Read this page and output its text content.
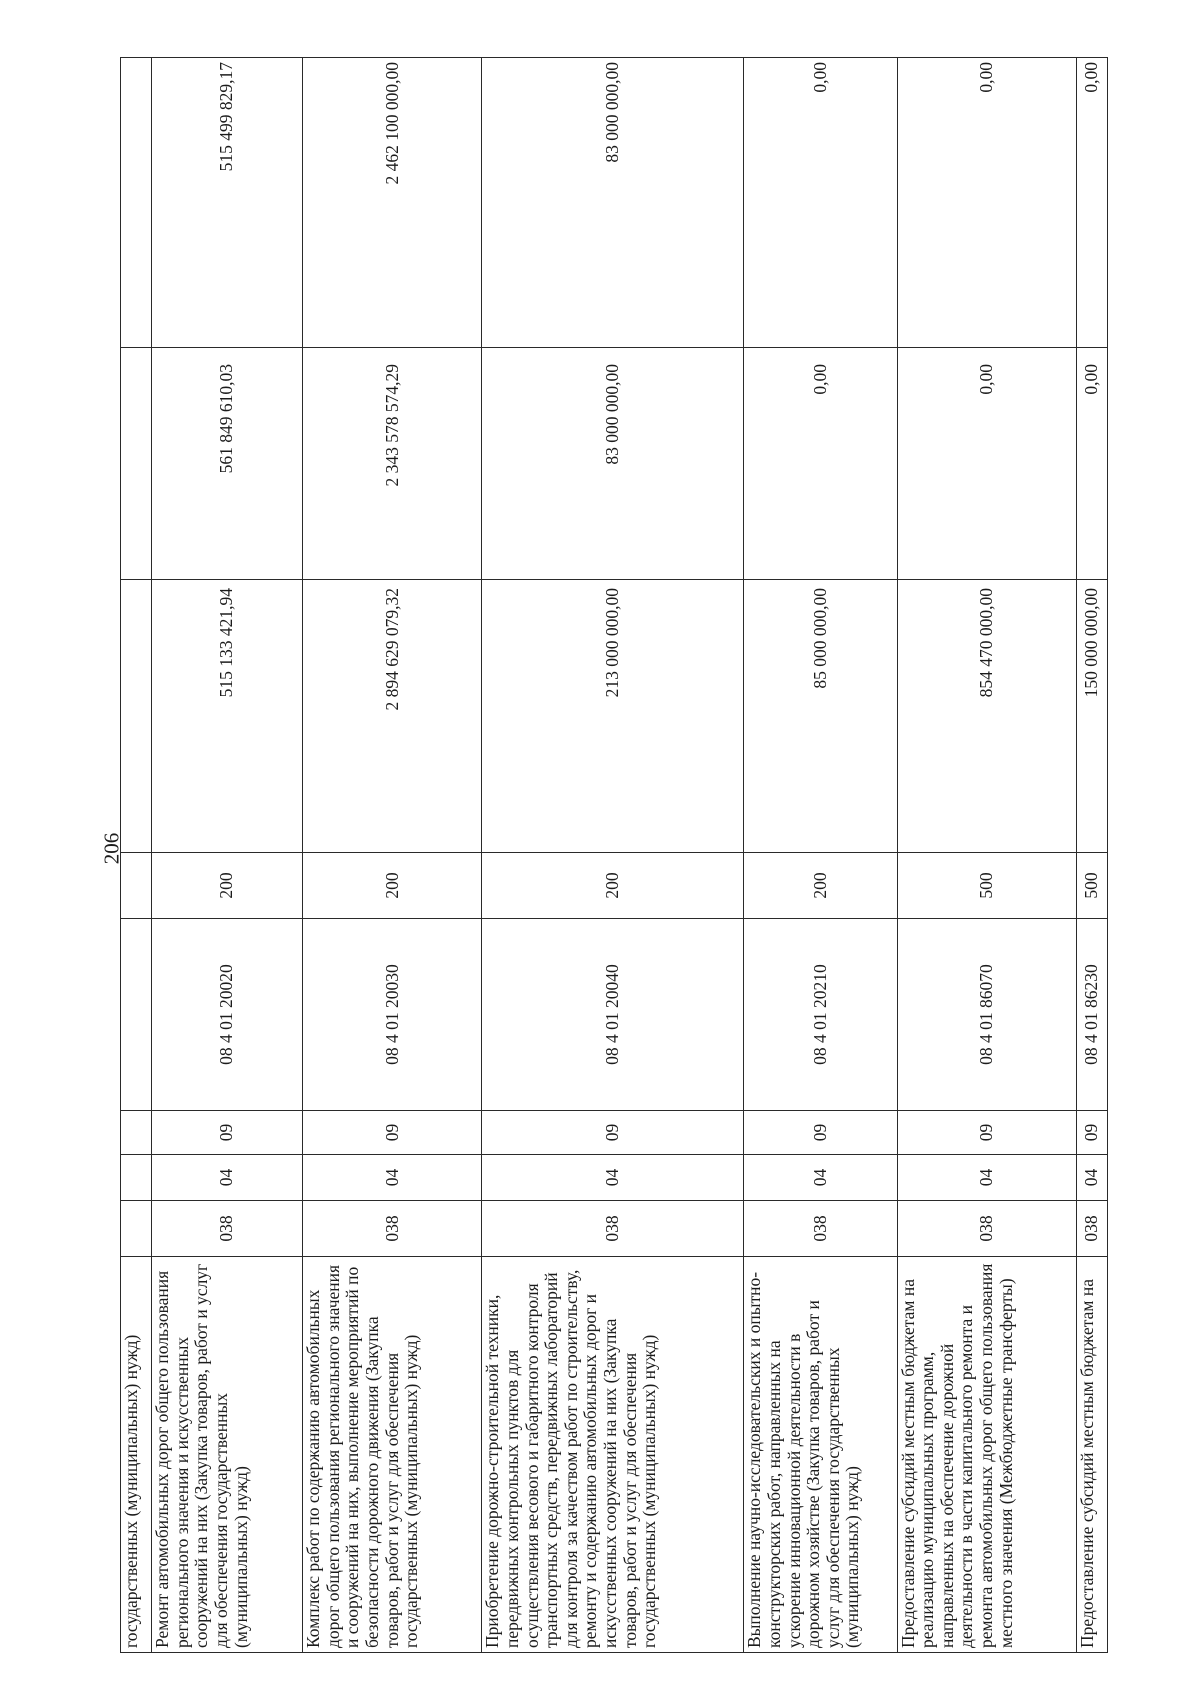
206
государственных (муниципальных) нужд)								
Ремонт автомобильных дорог общего пользования регионального значения и искусственных сооружений на них (Закупка товаров, работ и услуг для обеспечения государственных (муниципальных) нужд)	038	04	09	08 4 01 20020	200	515 133 421,94	561 849 610,03	515 499 829,17
Комплекс работ по содержанию автомобильных дорог общего пользования регионального значения и сооружений на них, выполнение мероприятий по безопасности дорожного движения (Закупка товаров, работ и услуг для обеспечения государственных (муниципальных) нужд)	038	04	09	08 4 01 20030	200	2 894 629 079,32	2 343 578 574,29	2 462 100 000,00
Приобретение дорожно-строительной техники, передвижных контрольных пунктов для осуществления весового и габаритного контроля транспортных средств, передвижных лабораторий для контроля за качеством работ по строительству, ремонту и содержанию автомобильных дорог и искусственных сооружений на них (Закупка товаров, работ и услуг для обеспечения государственных (муниципальных) нужд)	038	04	09	08 4 01 20040	200	213 000 000,00	83 000 000,00	83 000 000,00
Выполнение научно-исследовательских и опытно-конструкторских работ, направленных на ускорение инновационной деятельности в дорожном хозяйстве (Закупка товаров, работ и услуг для обеспечения государственных (муниципальных) нужд)	038	04	09	08 4 01 20210	200	85 000 000,00	0,00	0,00
Предоставление субсидий местным бюджетам на реализацию муниципальных программ, направленных на обеспечение дорожной деятельности в части капитального ремонта и ремонта автомобильных дорог общего пользования местного значения (Межбюджетные трансферты)	038	04	09	08 4 01 86070	500	854 470 000,00	0,00	0,00
Предоставление субсидий местным бюджетам на	038	04	09	08 4 01 86230	500	150 000 000,00	0,00	0,00
